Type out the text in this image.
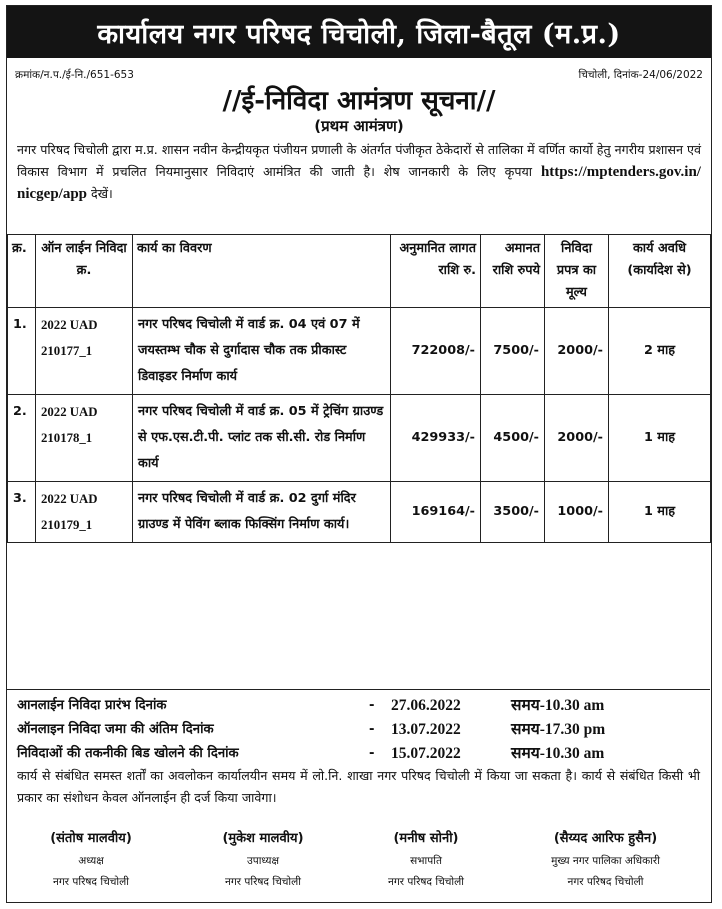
कार्यालय नगर परिषद चिचोली, जिला-बैतूल (म.प्र.)
क्रमांक/न.प./ई-नि./651-653	चिचोली, दिनांक-24/06/2022
//ई-निविदा आमंत्रण सूचना//
(प्रथम आमंत्रण)

नगर परिषद चिचोली द्वारा म.प्र. शासन नवीन केन्द्रीयकृत पंजीयन प्रणाली के अंतर्गत पंजीकृत ठेकेदारों से तालिका में वर्णित कार्यो हेतु नगरीय प्रशासन एवं विकास विभाग में प्रचलित नियमानुसार निविदाएं आमंत्रित की जाती है। शेष जानकारी के लिए कृपया https://mptenders.gov.in/ nicgep/app देखें।

क्र.	ऑन लाईन निविदा क्र.	कार्य का विवरण	अनुमानित लागत राशि रु.	अमानत राशि रुपये	निविदा प्रपत्र का मूल्य	कार्य अवधि (कार्यादेश से)
1.	2022 UAD 210177_1	नगर परिषद चिचोली में वार्ड क्र. 04 एवं 07 में जयस्तम्भ चौक से दुर्गादास चौक तक प्रीकास्ट डिवाइडर निर्माण कार्य	722008/-	7500/-	2000/-	2 माह
2.	2022 UAD 210178_1	नगर परिषद चिचोली में वार्ड क्र. 05 में ट्रेचिंग ग्राउण्ड से एफ.एस.टी.पी. प्लांट तक सी.सी. रोड निर्माण कार्य	429933/-	4500/-	2000/-	1 माह
3.	2022 UAD 210179_1	नगर परिषद चिचोली में वार्ड क्र. 02 दुर्गा मंदिर ग्राउण्ड में पेविंग ब्लाक फिक्सिंग निर्माण कार्य।	169164/-	3500/-	1000/-	1 माह
आनलाईन निविदा प्रारंभ दिनांक	-	27.06.2022	समय-10.30 am
ऑनलाइन निविदा जमा की अंतिम दिनांक	-	13.07.2022	समय-17.30 pm
निविदाओं की तकनीकी बिड खोलने की दिनांक	-	15.07.2022	समय-10.30 am

कार्य से संबंधित समस्त शर्तों का अवलोकन कार्यालयीन समय में लो.नि. शाखा नगर परिषद चिचोली में किया जा सकता है। कार्य से संबंधित किसी भी प्रकार का संशोधन केवल ऑनलाईन ही दर्ज किया जावेगा।

(संतोष मालवीय)
अध्यक्ष
नगर परिषद चिचोली
(मुकेश मालवीय)
उपाध्यक्ष
नगर परिषद चिचोली
(मनीष सोनी)
सभापति
नगर परिषद चिचोली
(सैय्यद आरिफ हुसैन)
मुख्य नगर पालिका अधिकारी
नगर परिषद चिचोली
